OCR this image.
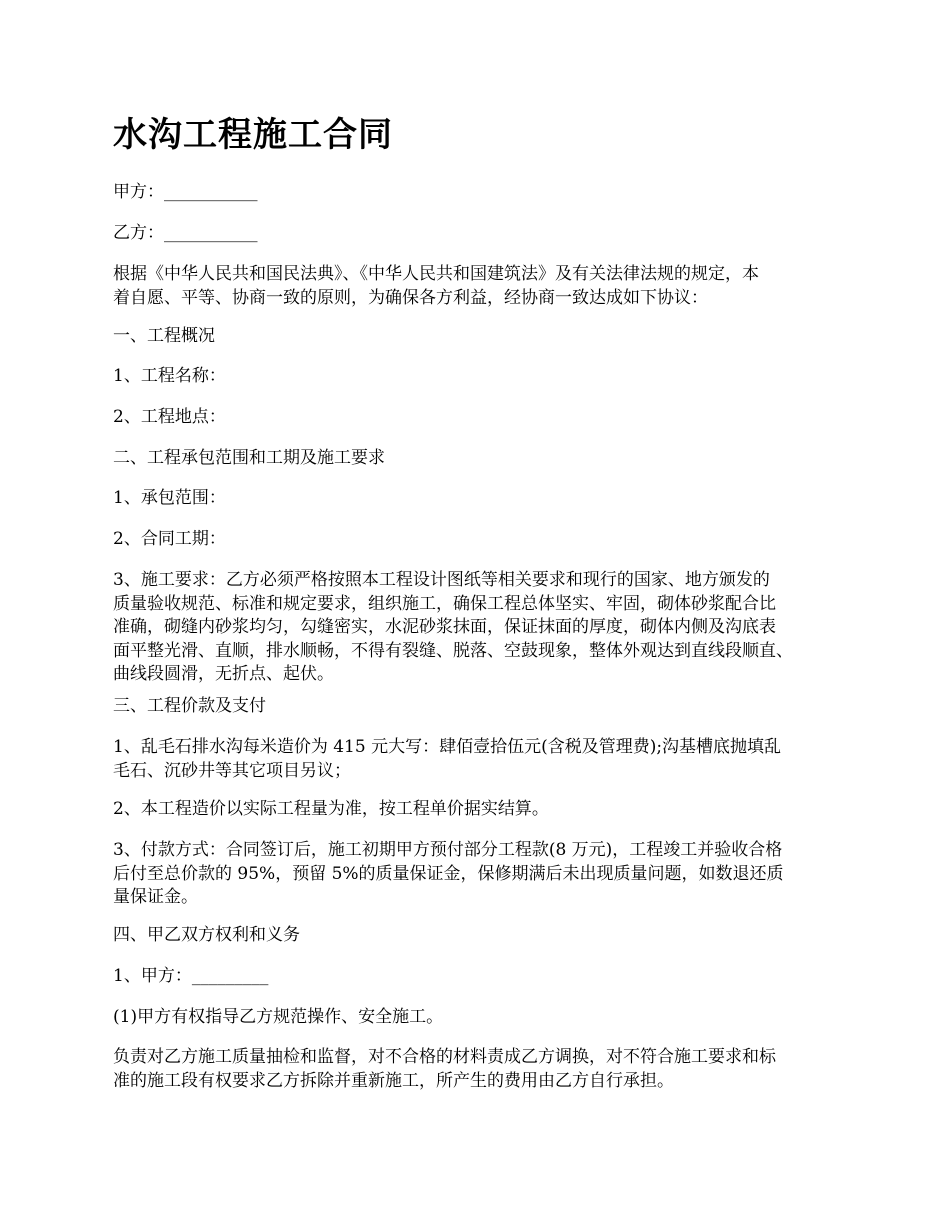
水沟工程施工合同

甲方：___________

乙方：___________

根据《中华人民共和国民法典》、《中华人民共和国建筑法》及有关法律法规的规定，本
着自愿、平等、协商一致的原则，为确保各方利益，经协商一致达成如下协议：

一、工程概况

1、工程名称：

2、工程地点：

二、工程承包范围和工期及施工要求

1、承包范围：

2、合同工期：

3、施工要求：乙方必须严格按照本工程设计图纸等相关要求和现行的国家、地方颁发的
质量验收规范、标准和规定要求，组织施工，确保工程总体坚实、牢固，砌体砂浆配合比
准确，砌缝内砂浆均匀，勾缝密实，水泥砂浆抹面，保证抹面的厚度，砌体内侧及沟底表
面平整光滑、直顺，排水顺畅，不得有裂缝、脱落、空鼓现象，整体外观达到直线段顺直、
曲线段圆滑，无折点、起伏。

三、工程价款及支付

1、乱毛石排水沟每米造价为 415 元大写：肆佰壹拾伍元(含税及管理费);沟基槽底抛填乱
毛石、沉砂井等其它项目另议；

2、本工程造价以实际工程量为准，按工程单价据实结算。

3、付款方式：合同签订后，施工初期甲方预付部分工程款(8 万元)，工程竣工并验收合格
后付至总价款的 95%，预留 5%的质量保证金，保修期满后未出现质量问题，如数退还质
量保证金。

四、甲乙双方权利和义务

1、甲方：_________

(1)甲方有权指导乙方规范操作、安全施工。

负责对乙方施工质量抽检和监督，对不合格的材料责成乙方调换，对不符合施工要求和标
准的施工段有权要求乙方拆除并重新施工，所产生的费用由乙方自行承担。
